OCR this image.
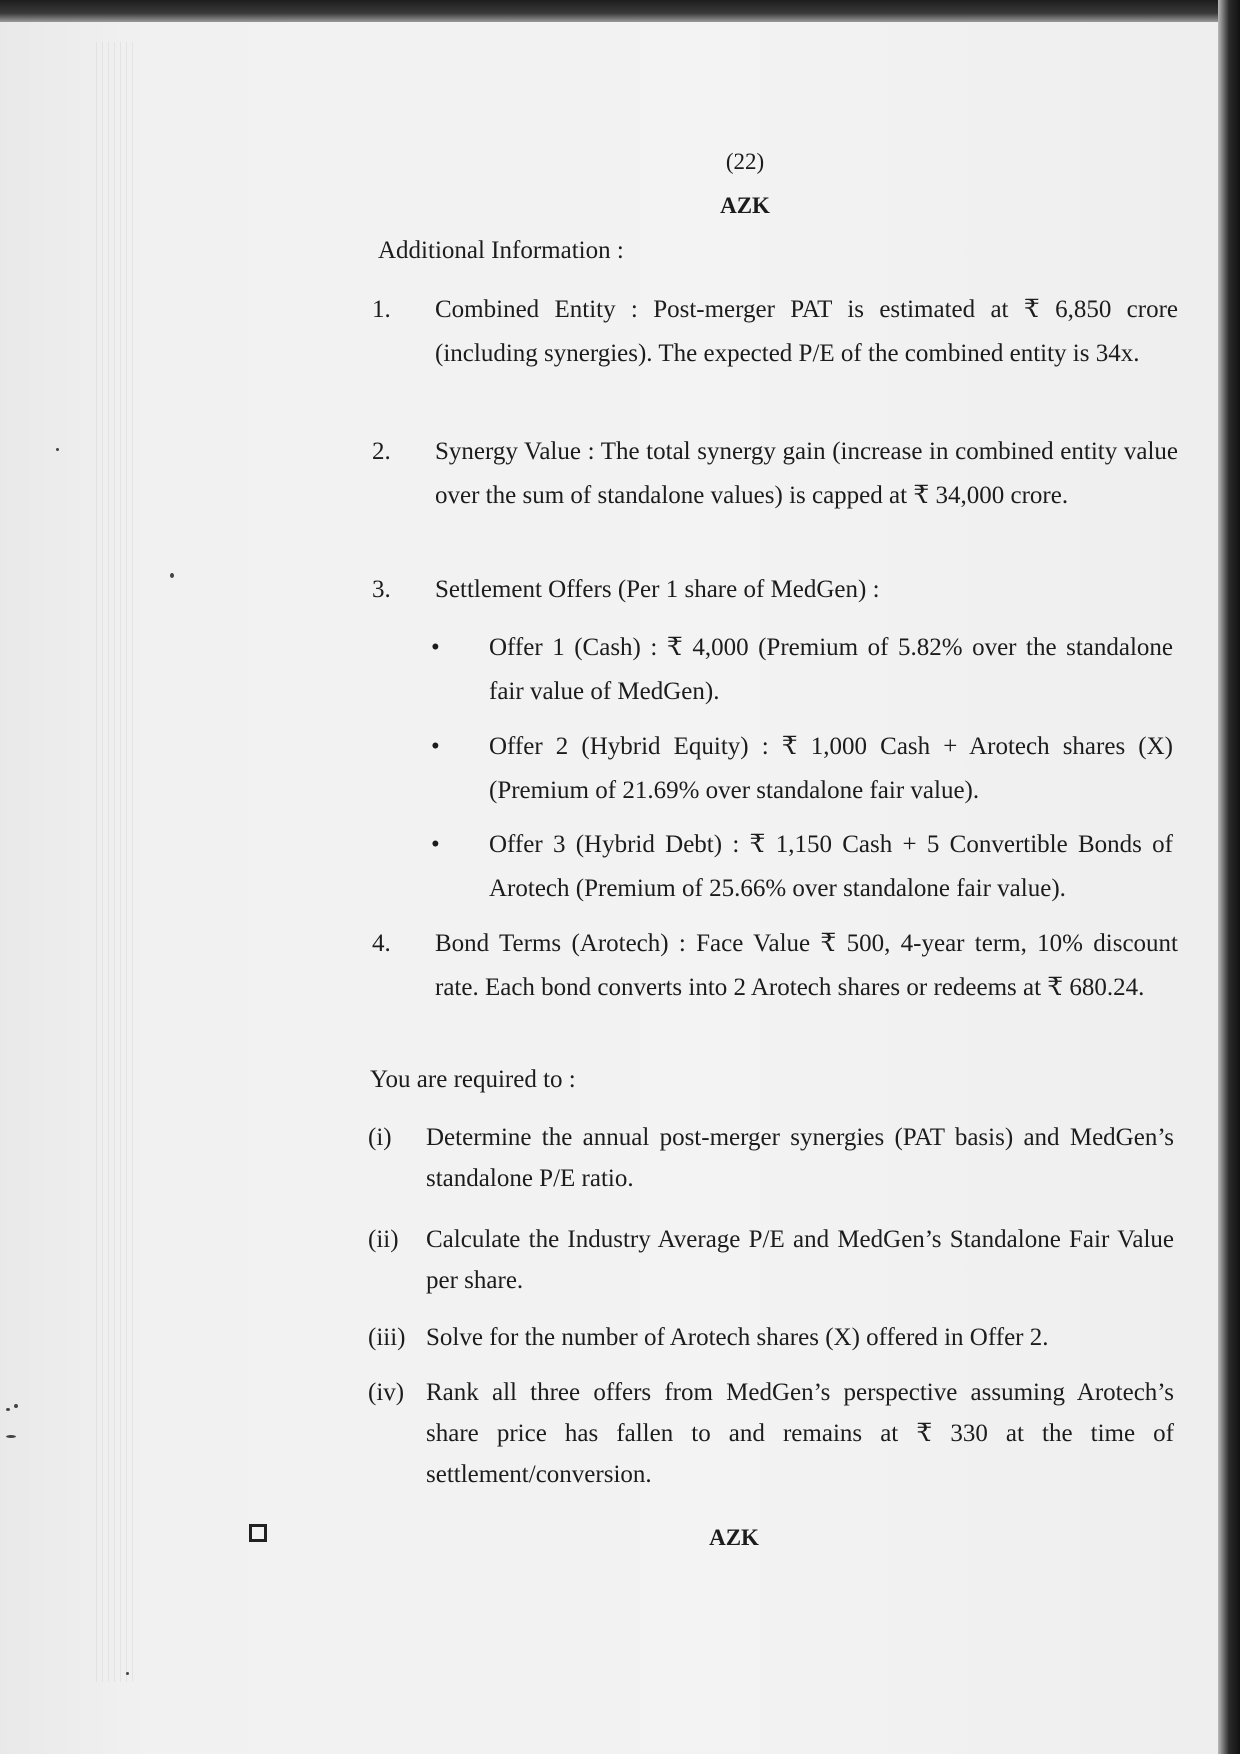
(22)
AZK
Additional Information :
1.	Combined Entity : Post-merger PAT is estimated at ₹ 6,850 crore (including synergies). The expected P/E of the combined entity is 34x.
2.	Synergy Value : The total synergy gain (increase in combined entity value over the sum of standalone values) is capped at ₹ 34,000 crore.
3.	Settlement Offers (Per 1 share of MedGen) :
• Offer 1 (Cash) : ₹ 4,000 (Premium of 5.82% over the standalone fair value of MedGen).
• Offer 2 (Hybrid Equity) : ₹ 1,000 Cash + Arotech shares (X) (Premium of 21.69% over standalone fair value).
• Offer 3 (Hybrid Debt) : ₹ 1,150 Cash + 5 Convertible Bonds of Arotech (Premium of 25.66% over standalone fair value).
4.	Bond Terms (Arotech) : Face Value ₹ 500, 4-year term, 10% discount rate. Each bond converts into 2 Arotech shares or redeems at ₹ 680.24.
You are required to :
(i)	Determine the annual post-merger synergies (PAT basis) and MedGen’s standalone P/E ratio.
(ii)	Calculate the Industry Average P/E and MedGen’s Standalone Fair Value per share.
(iii) Solve for the number of Arotech shares (X) offered in Offer 2.
(iv) Rank all three offers from MedGen’s perspective assuming Arotech’s share price has fallen to and remains at ₹ 330 at the time of settlement/conversion.
AZK
